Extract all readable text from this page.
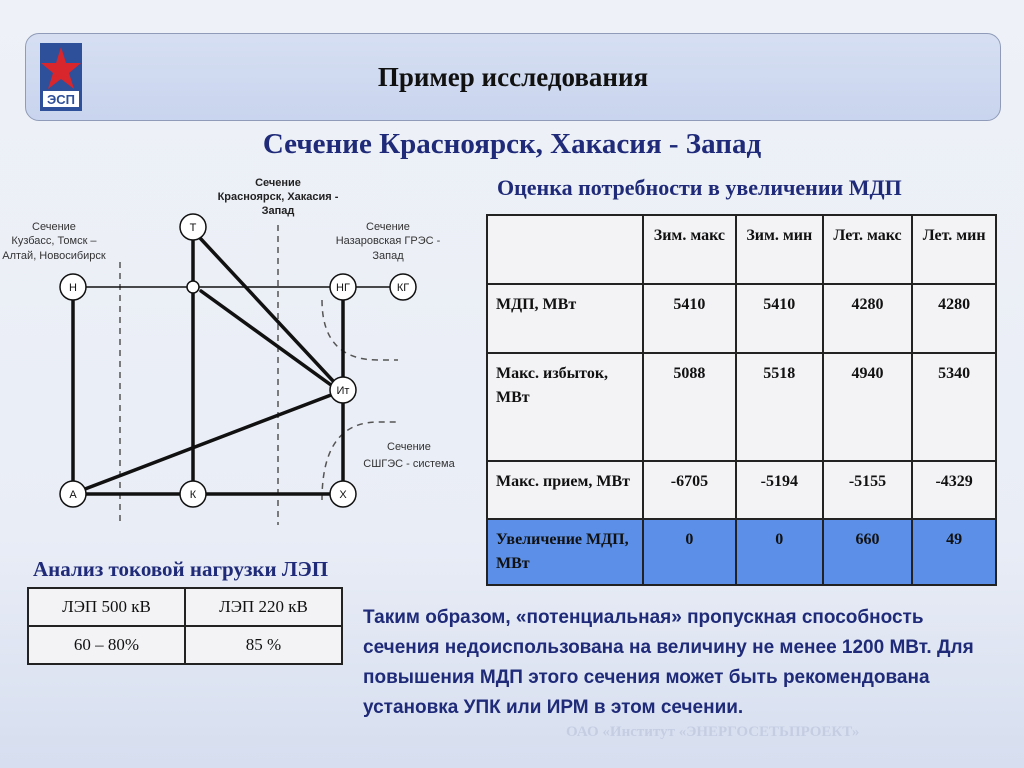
ЭСП
Пример исследования
Сечение Красноярск, Хакасия - Запад
Т
Н	НГ	КГ
Ит
А	К	Х
Сечение
Кузбасс, Томск –
Алтай, Новосибирск
Сечение
Красноярск, Хакасия -
Запад
Сечение
Назаровская ГРЭС -
Запад
Сечение
СШГЭС - система
Оценка потребности в увеличении МДП
	Зим. макс	Зим. мин	Лет. макс	Лет. мин
МДП, МВт	5410	5410	4280	4280
Макс. избыток, МВт	5088	5518	4940	5340
Макс. прием, МВт	-6705	-5194	-5155	-4329
Увеличение МДП, МВт	0	0	660	49
Анализ токовой нагрузки ЛЭП
ЛЭП 500 кВ	ЛЭП 220 кВ
60 – 80%	85 %
Таким образом, «потенциальная» пропускная способность сечения недоиспользована на величину не менее 1200 МВт. Для повышения МДП этого сечения может быть рекомендована установка УПК или ИРМ в этом сечении.
ОАО «Институт «ЭНЕРГОСЕТЬПРОЕКТ»
